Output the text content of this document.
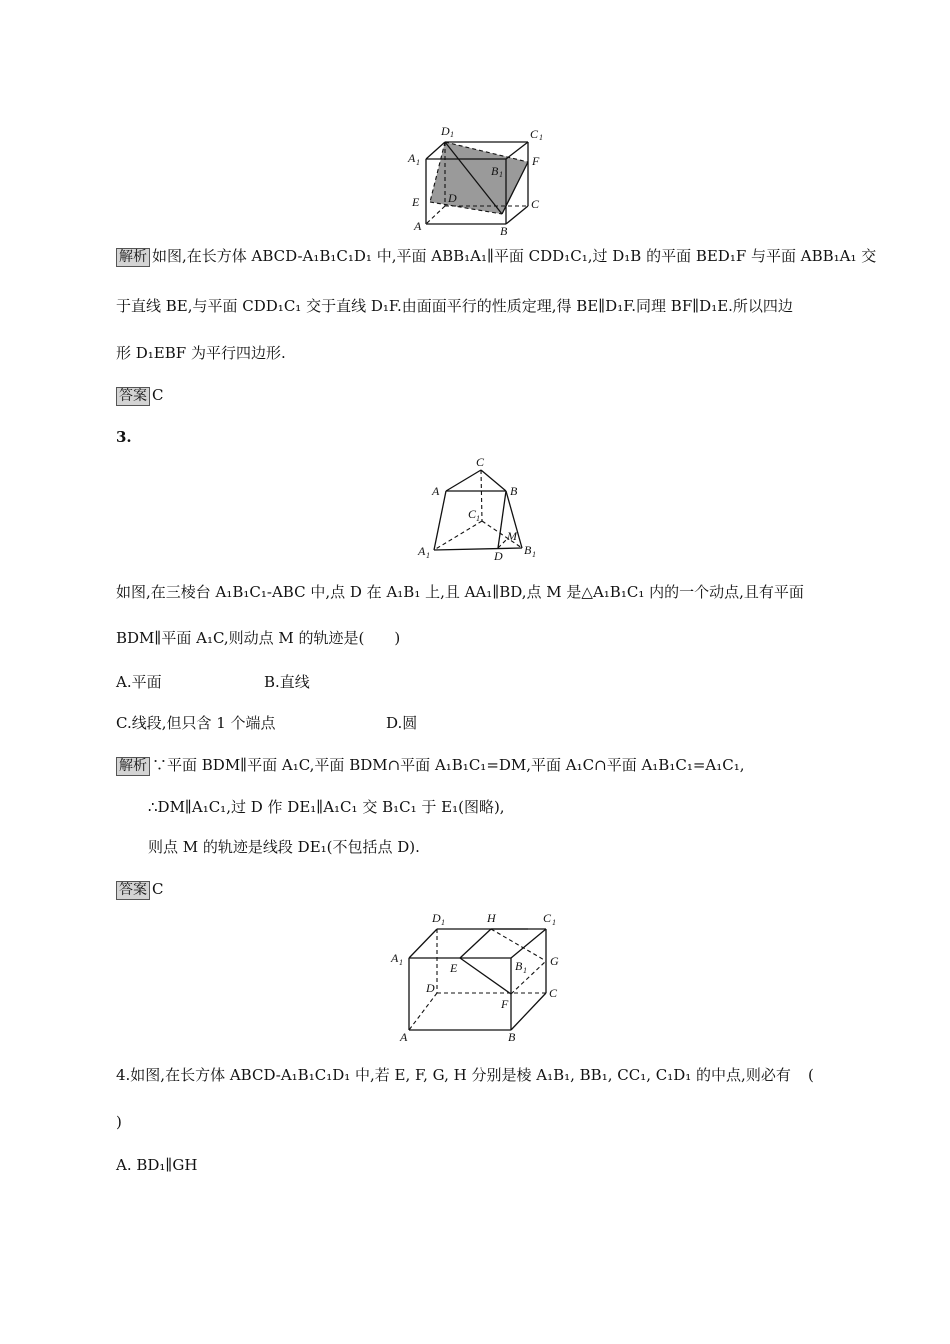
D 1	C 1
A 1
B 1
F
E D
A
C
B
解析 如图,在长方体 ABCD-A₁B₁C₁D₁ 中,平面 ABB₁A₁∥平面 CDD₁C₁,过 D₁B 的平面 BED₁F 与平面 ABB₁A₁ 交
于直线 BE,与平面 CDD₁C₁ 交于直线 D₁F.由面面平行的性质定理,得 BE∥D₁F.同理 BF∥D₁E.所以四边
形 D₁EBF 为平行四边形.
答案 C
3.
C
A	B
C 1
M
D
A 1	B 1
如图,在三棱台 A₁B₁C₁-ABC 中,点 D 在 A₁B₁ 上,且 AA₁∥BD,点 M 是△A₁B₁C₁ 内的一个动点,且有平面
BDM∥平面 A₁C,则动点 M 的轨迹是(　　)
A.平面	B.直线
C.线段,但只含 1 个端点	D.圆
解析 ∵平面 BDM∥平面 A₁C,平面 BDM∩平面 A₁B₁C₁=DM,平面 A₁C∩平面 A₁B₁C₁=A₁C₁,
∴DM∥A₁C₁,过 D 作 DE₁∥A₁C₁ 交 B₁C₁ 于 E₁(图略),
则点 M 的轨迹是线段 DE₁(不包括点 D).
答案 C
D 1	H	C 1
A 1	E	B 1
G
D	C
F
A	B
4.如图,在长方体 ABCD-A₁B₁C₁D₁ 中,若 E, F, G, H 分别是棱 A₁B₁, BB₁, CC₁, C₁D₁ 的中点,则必有 (
)
A. BD₁∥GH
